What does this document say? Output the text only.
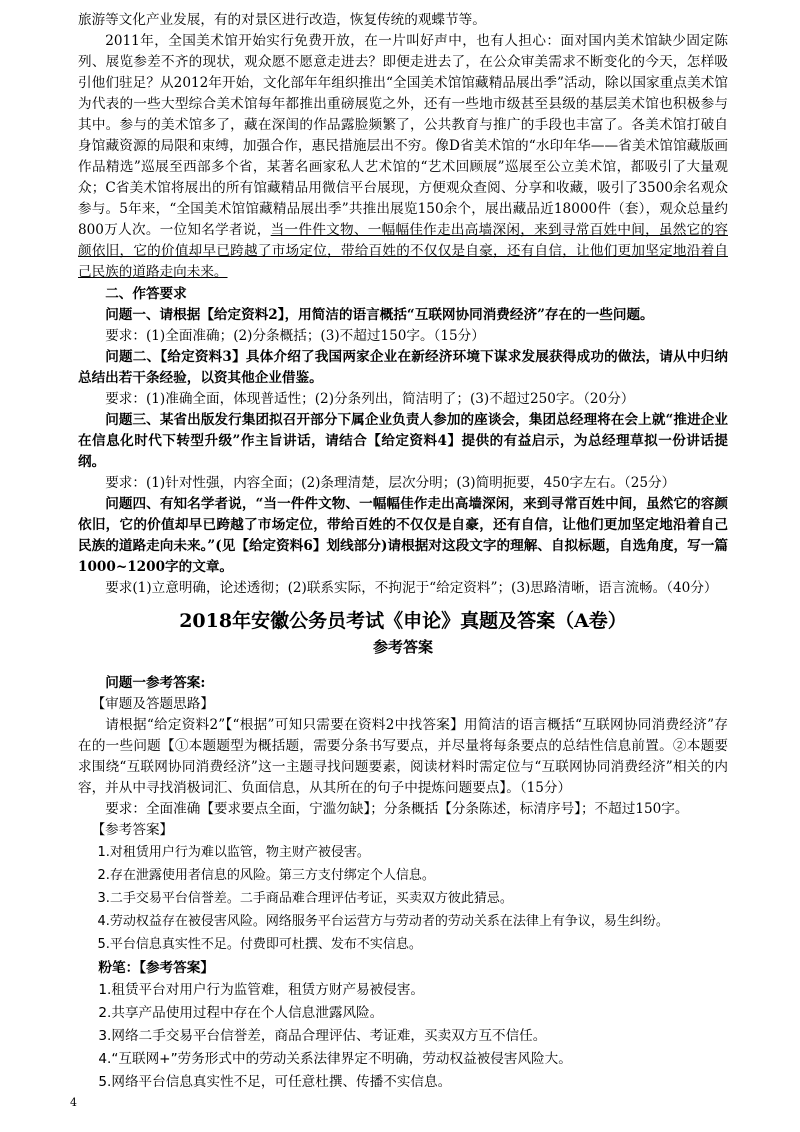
旅游等文化产业发展，有的对景区进行改造，恢复传统的观蝶节等。

2011年，全国美术馆开始实行免费开放，在一片叫好声中，也有人担心：面对国内美术馆缺少固定陈列、展览参差不齐的现状，观众愿不愿意走进去？即便走进去了，在公众审美需求不断变化的今天，怎样吸引他们驻足？从2012年开始，文化部年年组织推出“全国美术馆馆藏精品展出季”活动，除以国家重点美术馆为代表的一些大型综合美术馆每年都推出重磅展览之外，还有一些地市级甚至县级的基层美术馆也积极参与其中。参与的美术馆多了，藏在深闺的作品露脸频繁了，公共教育与推广的手段也丰富了。各美术馆打破自身馆藏资源的局限和束缚，加强合作，惠民措施层出不穷。像D省美术馆的“水印年华——省美术馆馆藏版画作品精选”巡展至西部多个省，某著名画家私人艺术馆的“艺术回顾展”巡展至公立美术馆，都吸引了大量观众；C省美术馆将展出的所有馆藏精品用微信平台展现，方便观众查阅、分享和收藏，吸引了3500余名观众参与。5年来，“全国美术馆馆藏精品展出季”共推出展览150余个，展出藏品近18000件（套），观众总量约800万人次。一位知名学者说，当一件件文物、一幅幅佳作走出高墙深闲，来到寻常百姓中间，虽然它的容颜依旧，它的价值却早已跨越了市场定位，带给百姓的不仅仅是自豪，还有自信，让他们更加坚定地沿着自己民族的道路走向未来。

二、作答要求

问题一、请根据【给定资料2】，用简洁的语言概括“互联网协同消费经济”存在的一些问题。

要求：(1)全面准确；(2)分条概括；(3)不超过150字。（15分）

问题二、【给定资料3】具体介绍了我国两家企业在新经济环境下谋求发展获得成功的做法，请从中归纳总结出若干条经验，以资其他企业借鉴。

要求：(1)准确全面，体现普适性；(2)分条列出，简洁明了；(3)不超过250字。（20分）

问题三、某省出版发行集团拟召开部分下属企业负责人参加的座谈会，集团总经理将在会上就“推进企业在信息化时代下转型升级”作主旨讲话，请结合【给定资料4】提供的有益启示，为总经理草拟一份讲话提纲。

要求：(1)针对性强，内容全面；(2)条理清楚，层次分明；(3)简明扼要，450字左右。（25分）

问题四、有知名学者说，“当一件件文物、一幅幅佳作走出高墙深闲，来到寻常百姓中间，虽然它的容颜依旧，它的价值却早已跨越了市场定位，带给百姓的不仅仅是自豪，还有自信，让他们更加坚定地沿着自己民族的道路走向未来。”(见【给定资料6】划线部分)请根据对这段文字的理解、自拟标题，自选角度，写一篇1000~1200字的文章。

要求(1)立意明确，论述透彻；(2)联系实际，不拘泥于“给定资料”；(3)思路清晰，语言流畅。（40分）

2018年安徽公务员考试《申论》真题及答案（A卷）

参考答案

问题一参考答案:

【审题及答题思路】

请根据“给定资料2”【“根据”可知只需要在资料2中找答案】用简洁的语言概括“互联网协同消费经济”存在的一些问题【①本题题型为概括题，需要分条书写要点，并尽量将每条要点的总结性信息前置。②本题要求围绕“互联网协同消费经济”这一主题寻找问题要素，阅读材料时需定位与“互联网协同消费经济”相关的内容，并从中寻找消极词汇、负面信息，从其所在的句子中提炼问题要点】。（15分）

要求：全面准确【要求要点全面，宁滥勿缺】；分条概括【分条陈述，标清序号】；不超过150字。

【参考答案】

1.对租赁用户行为难以监管，物主财产被侵害。

2.存在泄露使用者信息的风险。第三方支付绑定个人信息。

3.二手交易平台信誉差。二手商品难合理评估考证，买卖双方彼此猜忌。

4.劳动权益存在被侵害风险。网络服务平台运营方与劳动者的劳动关系在法律上有争议，易生纠纷。

5.平台信息真实性不足。付费即可杜撰、发布不实信息。

粉笔：【参考答案】

1.租赁平台对用户行为监管难，租赁方财产易被侵害。

2.共享产品使用过程中存在个人信息泄露风险。

3.网络二手交易平台信誉差，商品合理评估、考证难，买卖双方互不信任。

4.“互联网+”劳务形式中的劳动关系法律界定不明确，劳动权益被侵害风险大。

5.网络平台信息真实性不足，可任意杜撰、传播不实信息。

4
